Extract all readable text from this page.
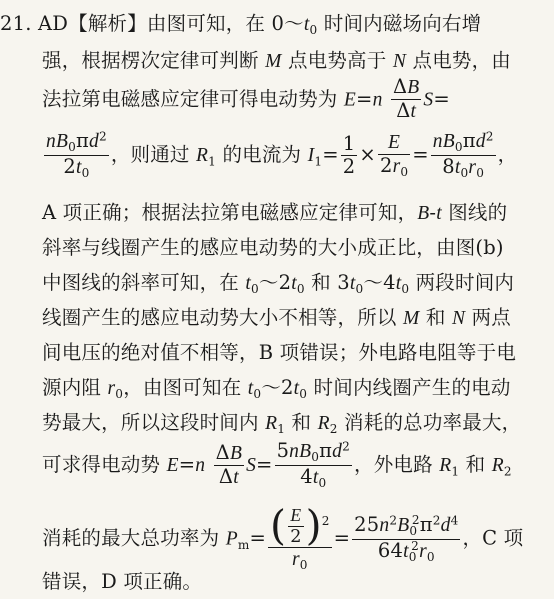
21. AD【解析】由图可知，在 $0\sim t_0$ 时间内磁场向右增
强，根据楞次定律可判断 M 点电势高于 N 点电势，由
法拉第电磁感应定律可得电动势为 $E=n \frac{\Delta B}{\Delta t} S=$
$\frac{nB_0\pi d^2}{2t_0}$ ，则通过 $R_1$ 的电流为 $I_1= \frac{1}{2} \times \frac{E}{2r_0} = \frac{nB_0\pi d^2}{8t_0r_0}$ ，
A 项正确；根据法拉第电磁感应定律可知，B-t 图线的
斜率与线圈产生的感应电动势的大小成正比，由图(b)
中图线的斜率可知，在 $t_0\sim 2t_0$ 和 $3t_0\sim 4t_0$ 两段时间内
线圈产生的感应电动势大小不相等，所以 M 和 N 两点
间电压的绝对值不相等，B 项错误；外电路电阻等于电
源内阻 $r_0$，由图可知在 $t_0\sim 2t_0$ 时间内线圈产生的电动
势最大，所以这段时间内 $R_1$ 和 $R_2$ 消耗的总功率最大，
可求得电动势 $E=n \frac{\Delta B}{\Delta t} S= \frac{5nB_0\pi d^2}{4t_0}$ ，外电路 $R_1$ 和 $R_2$
消耗的最大总功率为 $P_m= \frac{( \frac{E}{2} )^2}{r_0} = \frac{25n^2B_0^2\pi^2d^4}{64t_0^2r_0}$ ，C 项
错误，D 项正确。
